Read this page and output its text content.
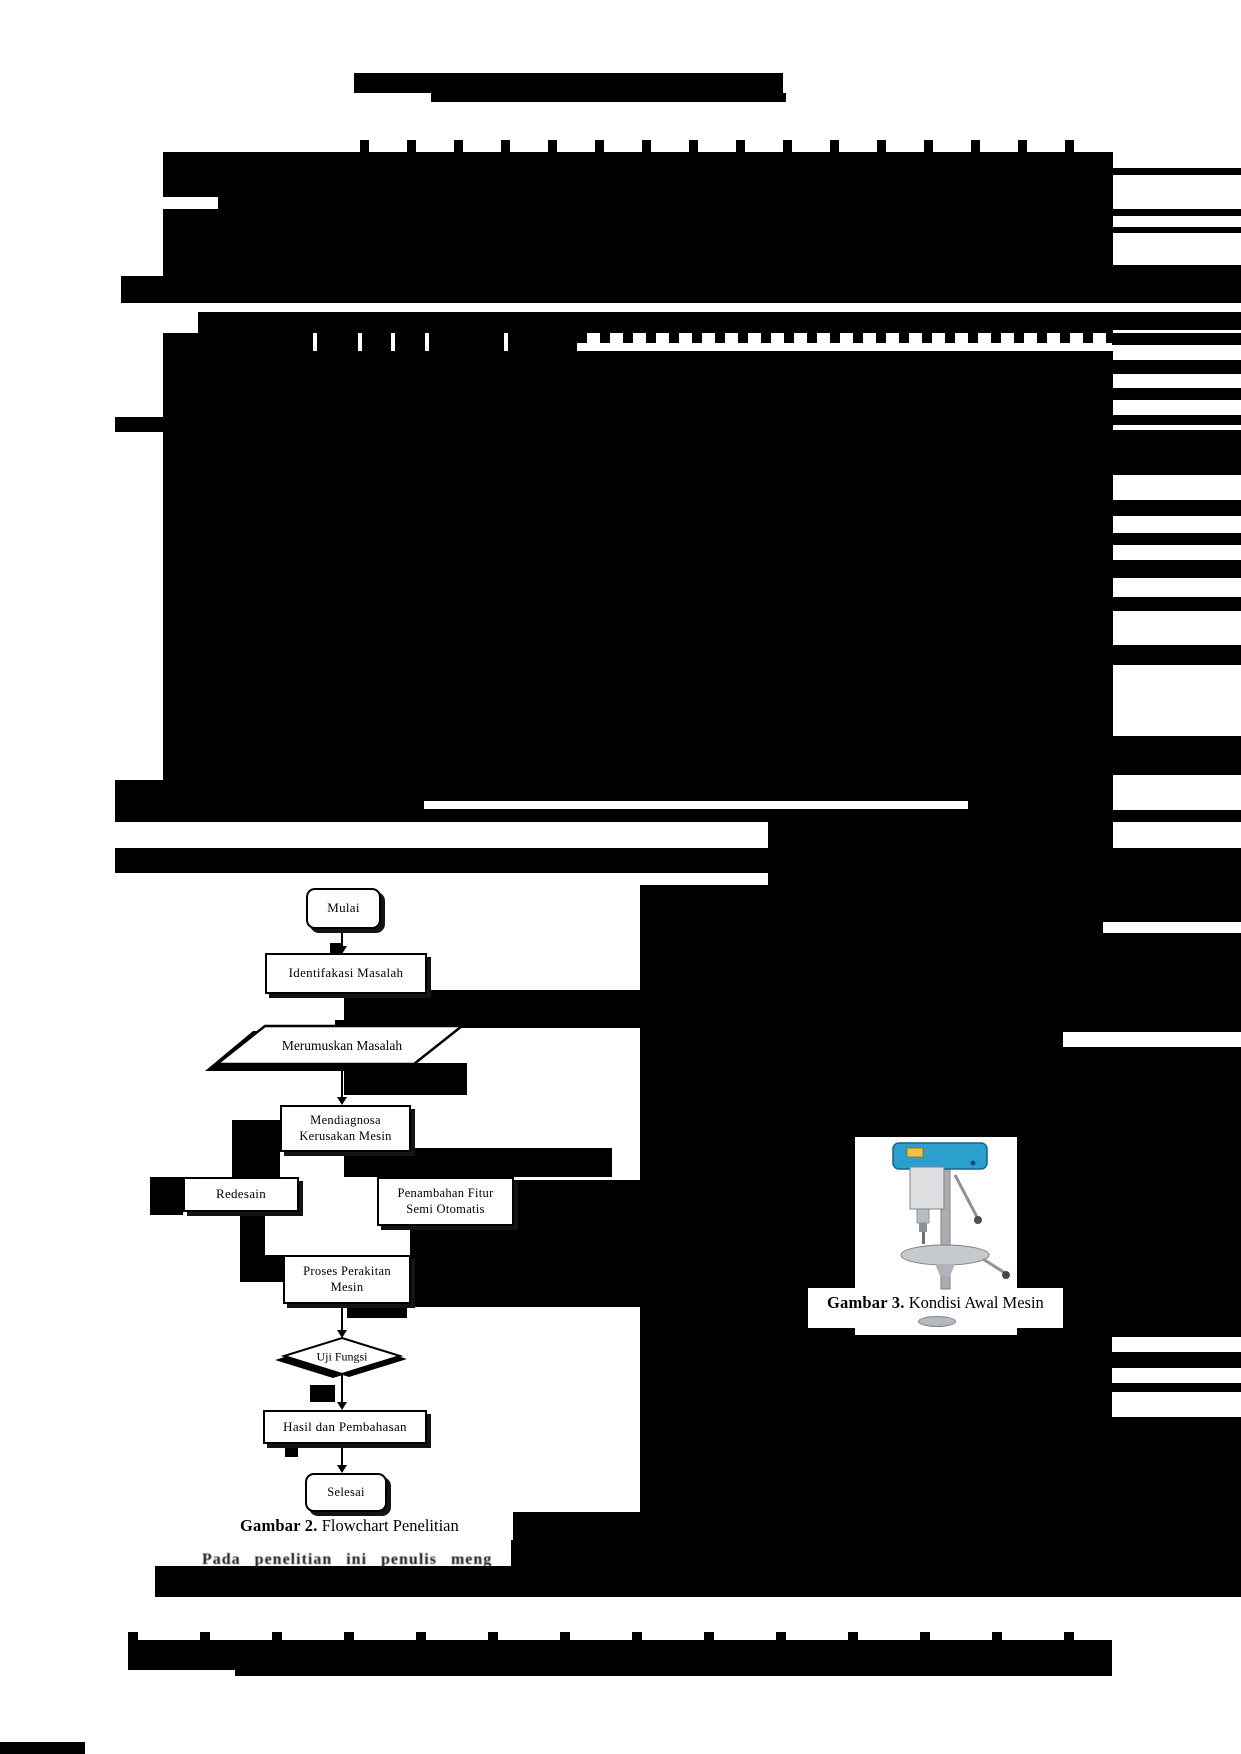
Pada penelitian ini penulis meng
Mulai
Identifakasi Masalah
Merumuskan Masalah
Mendiagnosa
Kerusakan Mesin
Redesain	Penambahan Fitur
Semi Otomatis
Proses Perakitan
Mesin
Uji Fungsi
Hasil dan Pembahasan
Selesai
Gambar 2. Flowchart Penelitian
Gambar 3. Kondisi Awal Mesin
